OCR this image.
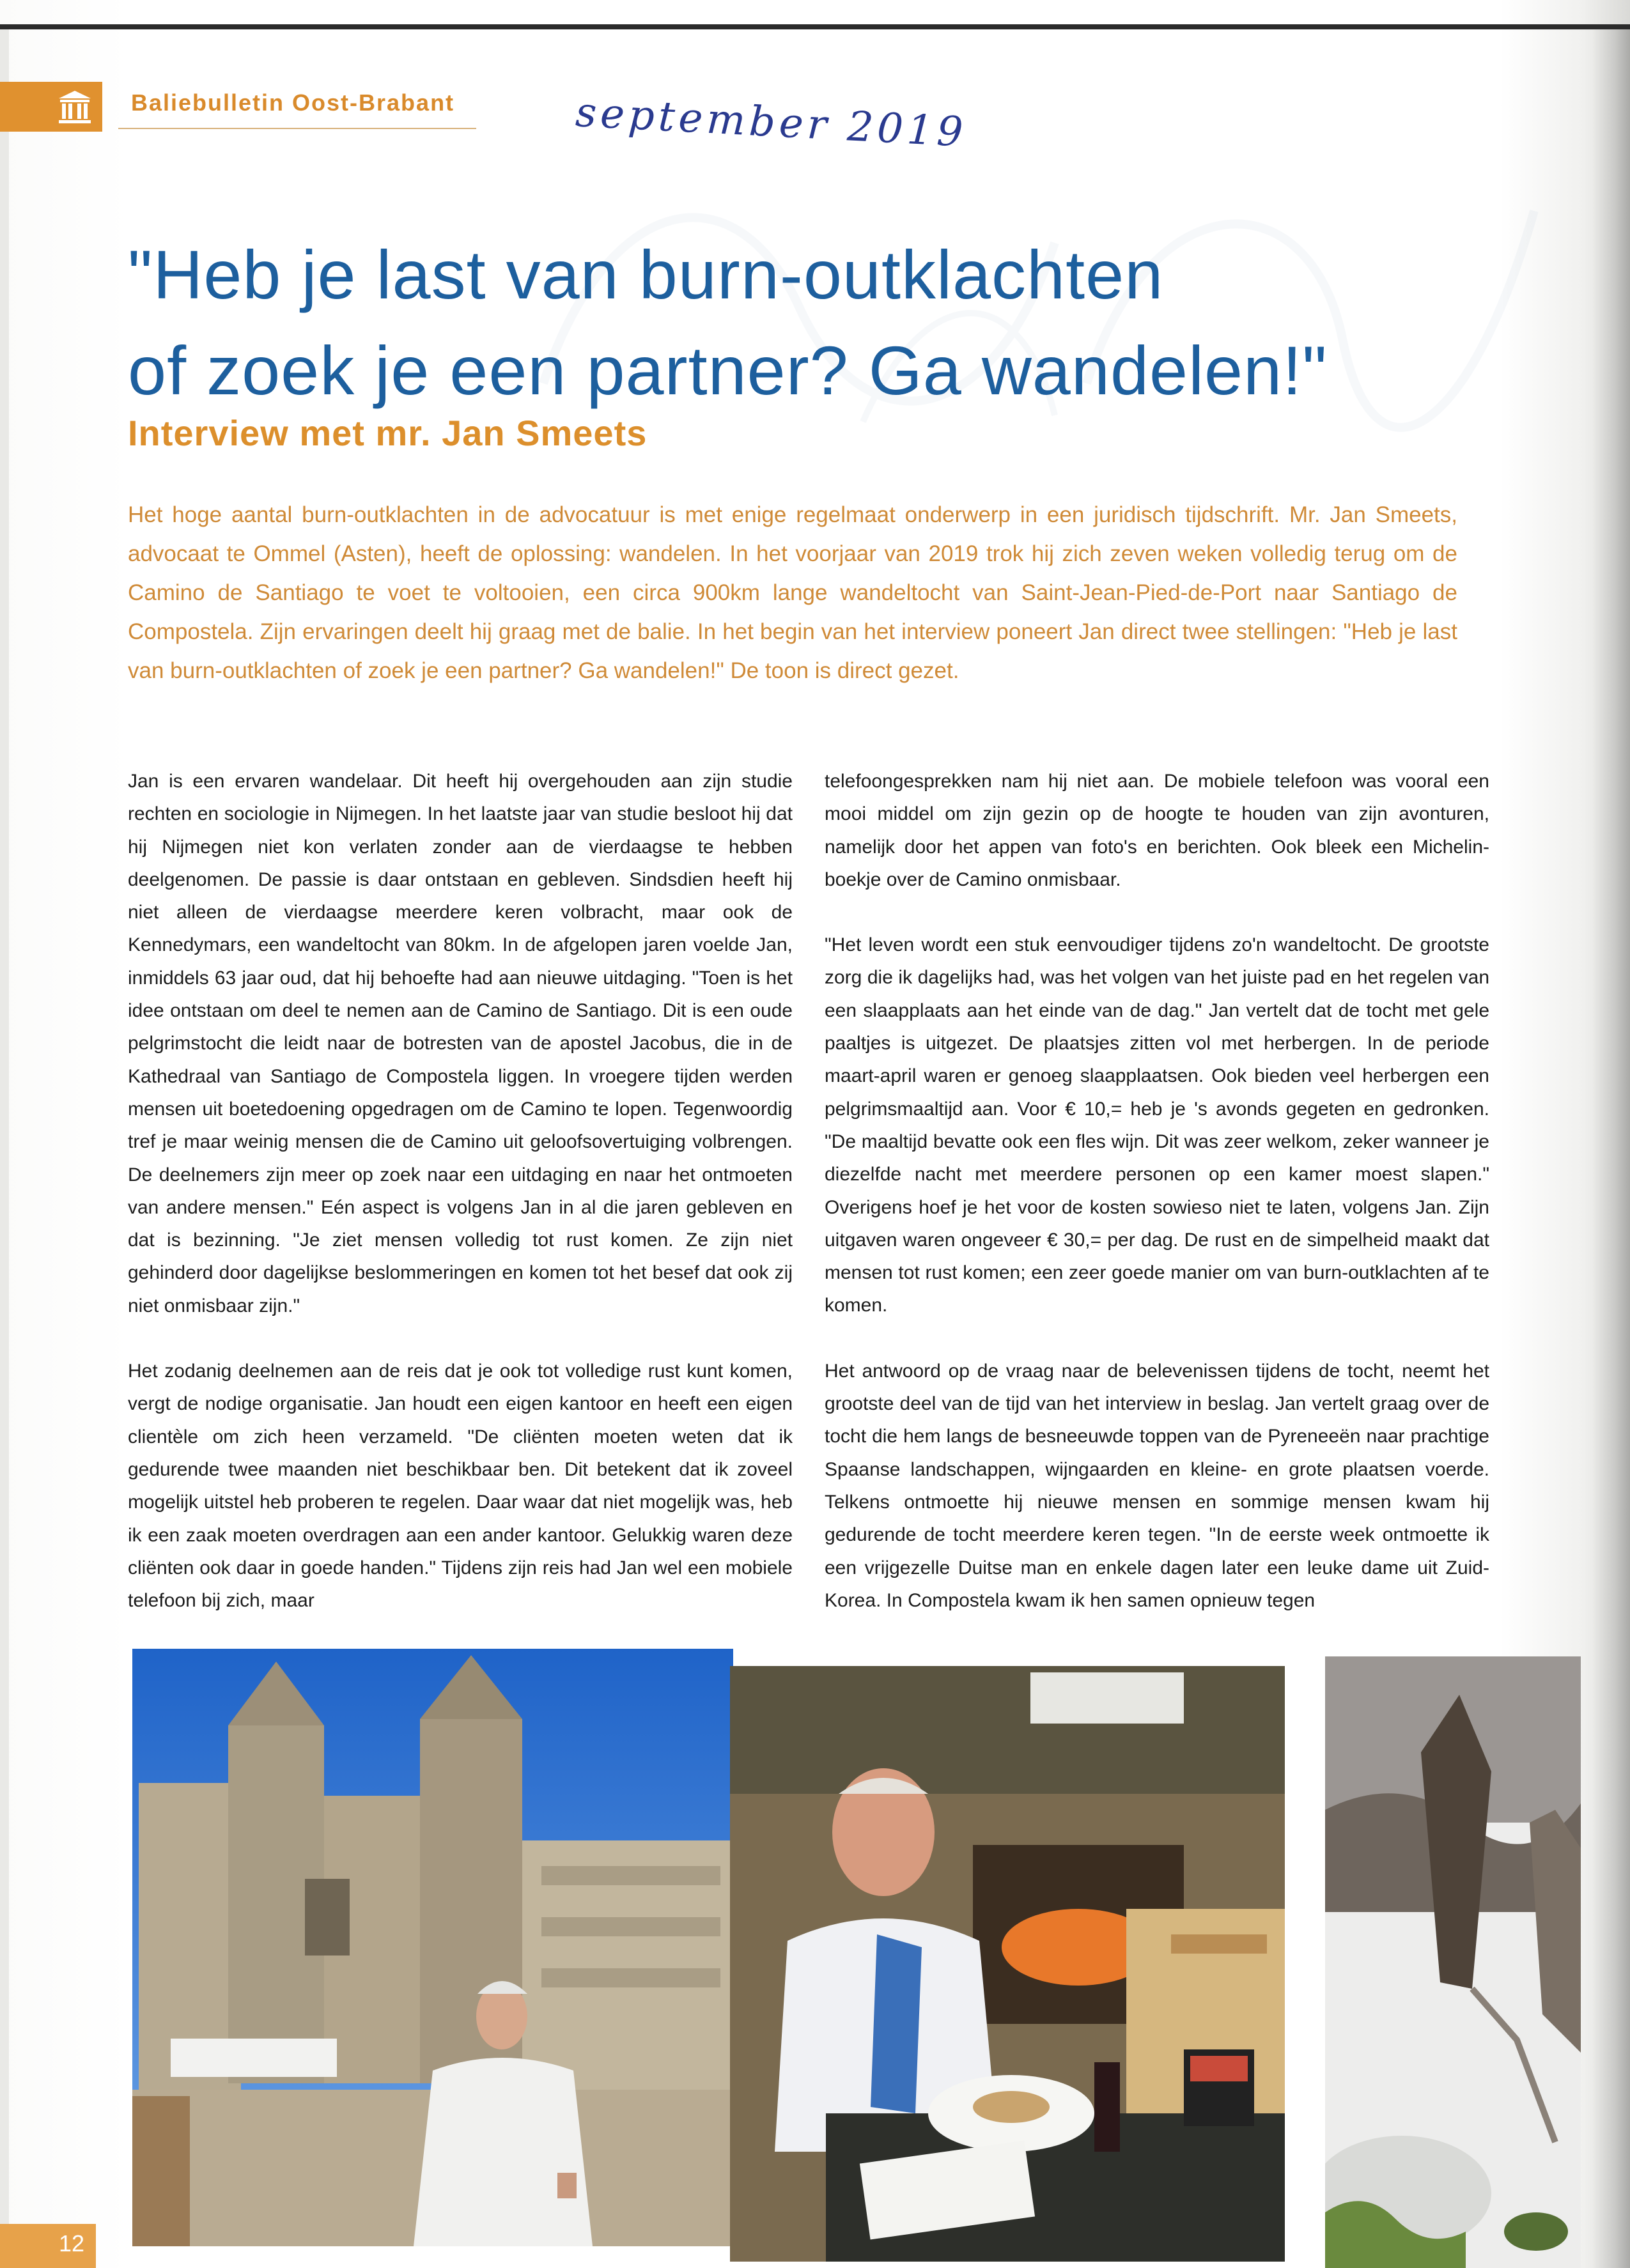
Baliebulletin Oost-Brabant	september 2019
"Heb je last van burn-outklachten
of zoek je een partner? Ga wandelen!"
Interview met mr. Jan Smeets

Het hoge aantal burn-outklachten in de advocatuur is met enige regelmaat onderwerp in een juridisch tijdschrift. Mr. Jan Smeets, advocaat te Ommel (Asten), heeft de oplossing: wandelen. In het voorjaar van 2019 trok hij zich zeven weken volledig terug om de Camino de Santiago te voet te voltooien, een circa 900km lange wandeltocht van Saint-Jean-Pied-de-Port naar Santiago de Compostela. Zijn ervaringen deelt hij graag met de balie. In het begin van het interview poneert Jan direct twee stellingen: "Heb je last van burn-outklachten of zoek je een partner? Ga wandelen!" De toon is direct gezet.

Jan is een ervaren wandelaar. Dit heeft hij overgehouden aan zijn studie rechten en sociologie in Nijmegen. In het laatste jaar van studie besloot hij dat hij Nijmegen niet kon verlaten zonder aan de vierdaagse te hebben deelgenomen. De passie is daar ontstaan en gebleven. Sindsdien heeft hij niet alleen de vierdaagse meerdere keren volbracht, maar ook de Kennedymars, een wandeltocht van 80km. In de afgelopen jaren voelde Jan, inmiddels 63 jaar oud, dat hij behoefte had aan nieuwe uitdaging. "Toen is het idee ontstaan om deel te nemen aan de Camino de Santiago. Dit is een oude pelgrimstocht die leidt naar de botresten van de apostel Jacobus, die in de Kathedraal van Santiago de Compostela liggen. In vroegere tijden werden mensen uit boetedoening opgedragen om de Camino te lopen. Tegenwoordig tref je maar weinig mensen die de Camino uit geloofsovertuiging volbrengen. De deelnemers zijn meer op zoek naar een uitdaging en naar het ontmoeten van andere mensen." Eén aspect is volgens Jan in al die jaren gebleven en dat is bezinning. "Je ziet mensen volledig tot rust komen. Ze zijn niet gehinderd door dagelijkse beslommeringen en komen tot het besef dat ook zij niet onmisbaar zijn."

Het zodanig deelnemen aan de reis dat je ook tot volledige rust kunt komen, vergt de nodige organisatie. Jan houdt een eigen kantoor en heeft een eigen clientèle om zich heen verzameld. "De cliënten moeten weten dat ik gedurende twee maanden niet beschikbaar ben. Dit betekent dat ik zoveel mogelijk uitstel heb proberen te regelen. Daar waar dat niet mogelijk was, heb ik een zaak moeten overdragen aan een ander kantoor. Gelukkig waren deze cliënten ook daar in goede handen." Tijdens zijn reis had Jan wel een mobiele telefoon bij zich, maar

telefoongesprekken nam hij niet aan. De mobiele telefoon was vooral een mooi middel om zijn gezin op de hoogte te houden van zijn avonturen, namelijk door het appen van foto's en berichten. Ook bleek een Michelin-boekje over de Camino onmisbaar.

"Het leven wordt een stuk eenvoudiger tijdens zo'n wandeltocht. De grootste zorg die ik dagelijks had, was het volgen van het juiste pad en het regelen van een slaapplaats aan het einde van de dag." Jan vertelt dat de tocht met gele paaltjes is uitgezet. De plaatsjes zitten vol met herbergen. In de periode maart-april waren er genoeg slaapplaatsen. Ook bieden veel herbergen een pelgrimsmaaltijd aan. Voor € 10,= heb je 's avonds gegeten en gedronken. "De maaltijd bevatte ook een fles wijn. Dit was zeer welkom, zeker wanneer je diezelfde nacht met meerdere personen op een kamer moest slapen." Overigens hoef je het voor de kosten sowieso niet te laten, volgens Jan. Zijn uitgaven waren ongeveer € 30,= per dag. De rust en de simpelheid maakt dat mensen tot rust komen; een zeer goede manier om van burn-outklachten af te komen.

Het antwoord op de vraag naar de belevenissen tijdens de tocht, neemt het grootste deel van de tijd van het interview in beslag. Jan vertelt graag over de tocht die hem langs de besneeuwde toppen van de Pyreneeën naar prachtige Spaanse landschappen, wijngaarden en kleine- en grote plaatsen voerde. Telkens ontmoette hij nieuwe mensen en sommige mensen kwam hij gedurende de tocht meerdere keren tegen. "In de eerste week ontmoette ik een vrijgezelle Duitse man en enkele dagen later een leuke dame uit Zuid-Korea. In Compostela kwam ik hen samen opnieuw tegen

12
